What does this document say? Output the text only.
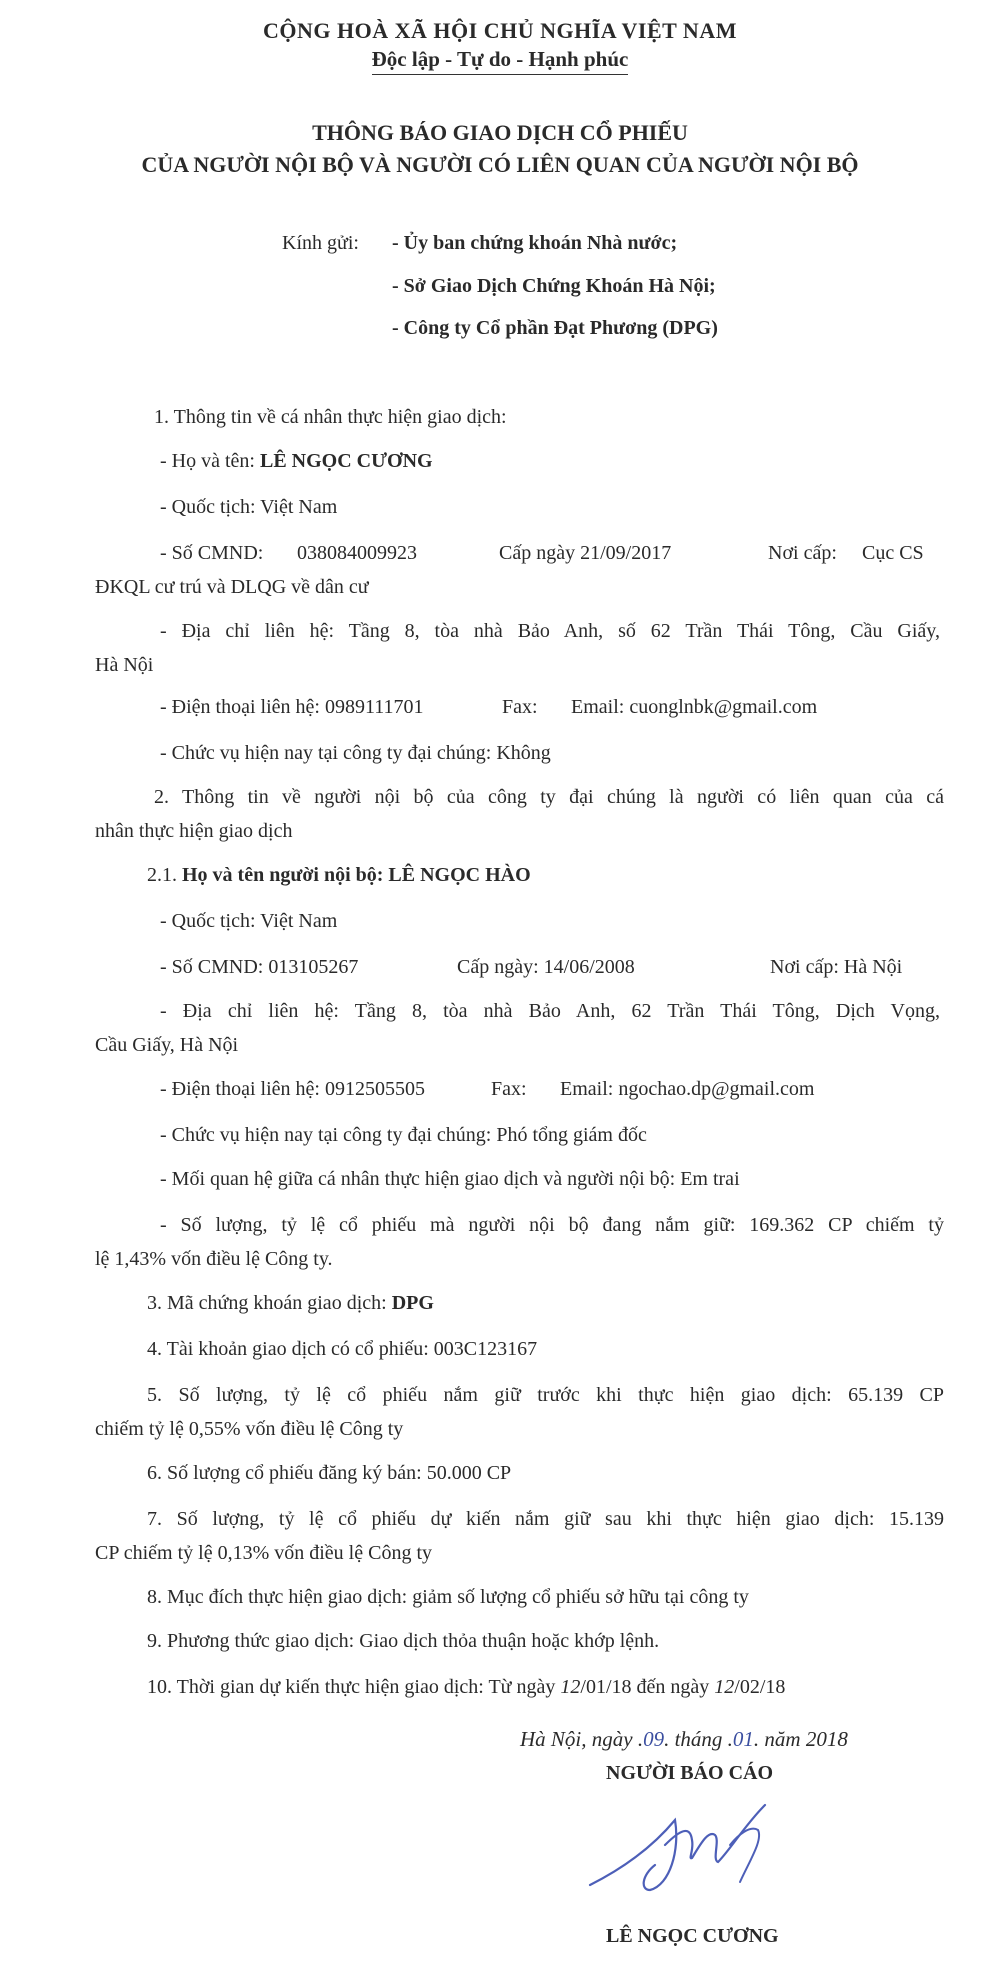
CỘNG HOÀ XÃ HỘI CHỦ NGHĨA VIỆT NAM
Độc lập - Tự do - Hạnh phúc
THÔNG BÁO GIAO DỊCH CỔ PHIẾU
CỦA NGƯỜI NỘI BỘ VÀ NGƯỜI CÓ LIÊN QUAN CỦA NGƯỜI NỘI BỘ
Kính gửi: - Ủy ban chứng khoán Nhà nước;
- Sở Giao Dịch Chứng Khoán Hà Nội;
- Công ty Cổ phần Đạt Phương (DPG)
1. Thông tin về cá nhân thực hiện giao dịch:
- Họ và tên: LÊ NGỌC CƯƠNG
- Quốc tịch: Việt Nam
- Số CMND: 038084009923	Cấp ngày 21/09/2017	Nơi cấp: Cục CS
ĐKQL cư trú và DLQG về dân cư
- Địa chỉ liên hệ: Tầng 8, tòa nhà Bảo Anh, số 62 Trần Thái Tông, Cầu Giấy,
Hà Nội
- Điện thoại liên hệ: 0989111701	Fax: Email: cuonglnbk@gmail.com
- Chức vụ hiện nay tại công ty đại chúng: Không
2. Thông tin về người nội bộ của công ty đại chúng là người có liên quan của cá
nhân thực hiện giao dịch
2.1. Họ và tên người nội bộ: LÊ NGỌC HÀO
- Quốc tịch: Việt Nam
- Số CMND: 013105267	Cấp ngày: 14/06/2008	Nơi cấp: Hà Nội
- Địa chỉ liên hệ: Tầng 8, tòa nhà Bảo Anh, 62 Trần Thái Tông, Dịch Vọng,
Cầu Giấy, Hà Nội
- Điện thoại liên hệ: 0912505505	Fax: Email: ngochao.dp@gmail.com
- Chức vụ hiện nay tại công ty đại chúng: Phó tổng giám đốc
- Mối quan hệ giữa cá nhân thực hiện giao dịch và người nội bộ: Em trai
- Số lượng, tỷ lệ cổ phiếu mà người nội bộ đang nắm giữ: 169.362 CP chiếm tỷ
lệ 1,43% vốn điều lệ Công ty.
3. Mã chứng khoán giao dịch: DPG
4. Tài khoản giao dịch có cổ phiếu: 003C123167
5. Số lượng, tỷ lệ cổ phiếu nắm giữ trước khi thực hiện giao dịch: 65.139 CP
chiếm tỷ lệ 0,55% vốn điều lệ Công ty
6. Số lượng cổ phiếu đăng ký bán: 50.000 CP
7. Số lượng, tỷ lệ cổ phiếu dự kiến nắm giữ sau khi thực hiện giao dịch: 15.139
CP chiếm tỷ lệ 0,13% vốn điều lệ Công ty
8. Mục đích thực hiện giao dịch: giảm số lượng cổ phiếu sở hữu tại công ty
9. Phương thức giao dịch: Giao dịch thỏa thuận hoặc khớp lệnh.
10. Thời gian dự kiến thực hiện giao dịch: Từ ngày 12/01/18 đến ngày 12/02/18
Hà Nội, ngày .09. tháng .01. năm 2018
NGƯỜI BÁO CÁO
LÊ NGỌC CƯƠNG
